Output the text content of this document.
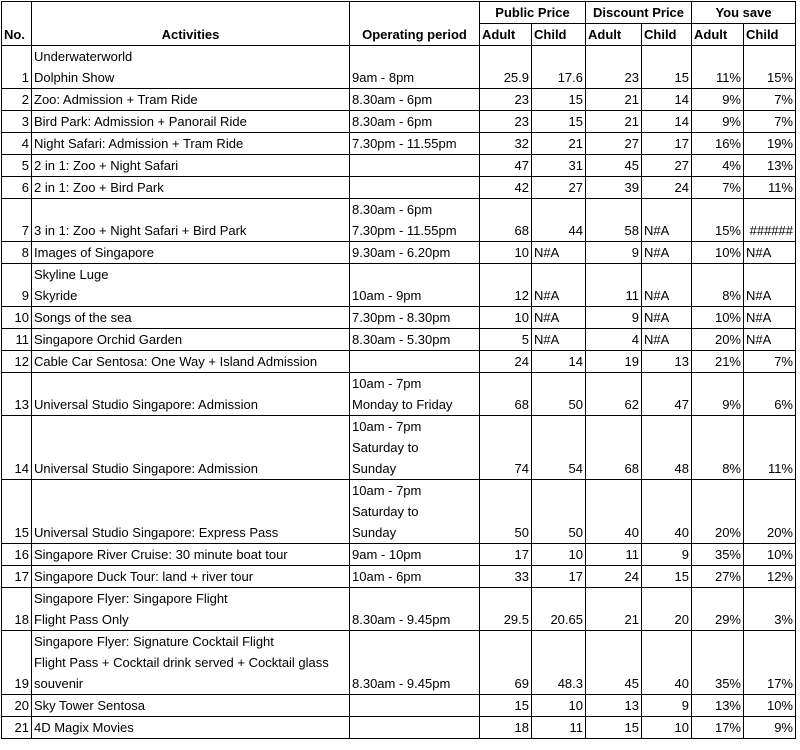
No.	Activities	Operating period	Public Price		Discount Price		You save	
			Adult	Child	Adult	Child	Adult	Child
1	Underwaterworld
Dolphin Show	9am - 8pm	25.9	17.6	23	15	11%	15%
2	Zoo: Admission + Tram Ride	8.30am - 6pm	23	15	21	14	9%	7%
3	Bird Park: Admission + Panorail Ride	8.30am - 6pm	23	15	21	14	9%	7%
4	Night Safari: Admission + Tram Ride	7.30pm - 11.55pm	32	21	27	17	16%	19%
5	2 in 1: Zoo + Night Safari		47	31	45	27	4%	13%
6	2 in 1: Zoo + Bird Park		42	27	39	24	7%	11%
7	3 in 1: Zoo + Night Safari + Bird Park	8.30am - 6pm
7.30pm - 11.55pm	68	44	58	N#A	15%	######
8	Images of Singapore	9.30am - 6.20pm	10	N#A	9	N#A	10%	N#A
9	Skyline Luge
Skyride	10am - 9pm	12	N#A	11	N#A	8%	N#A
10	Songs of the sea	7.30pm - 8.30pm	10	N#A	9	N#A	10%	N#A
11	Singapore Orchid Garden	8.30am - 5.30pm	5	N#A	4	N#A	20%	N#A
12	Cable Car Sentosa: One Way + Island Admission		24	14	19	13	21%	7%
13	Universal Studio Singapore: Admission	10am - 7pm
Monday to Friday	68	50	62	47	9%	6%
14	Universal Studio Singapore: Admission	10am - 7pm
Saturday to
Sunday	74	54	68	48	8%	11%
15	Universal Studio Singapore: Express Pass	10am - 7pm
Saturday to
Sunday	50	50	40	40	20%	20%
16	Singapore River Cruise: 30 minute boat tour	9am - 10pm	17	10	11	9	35%	10%
17	Singapore Duck Tour: land + river tour	10am - 6pm	33	17	24	15	27%	12%
18	Singapore Flyer: Singapore Flight
Flight Pass Only	8.30am - 9.45pm	29.5	20.65	21	20	29%	3%
19	Singapore Flyer: Signature Cocktail Flight
Flight Pass + Cocktail drink served + Cocktail glass
souvenir	8.30am - 9.45pm	69	48.3	45	40	35%	17%
20	Sky Tower Sentosa		15	10	13	9	13%	10%
21	4D Magix Movies		18	11	15	10	17%	9%
